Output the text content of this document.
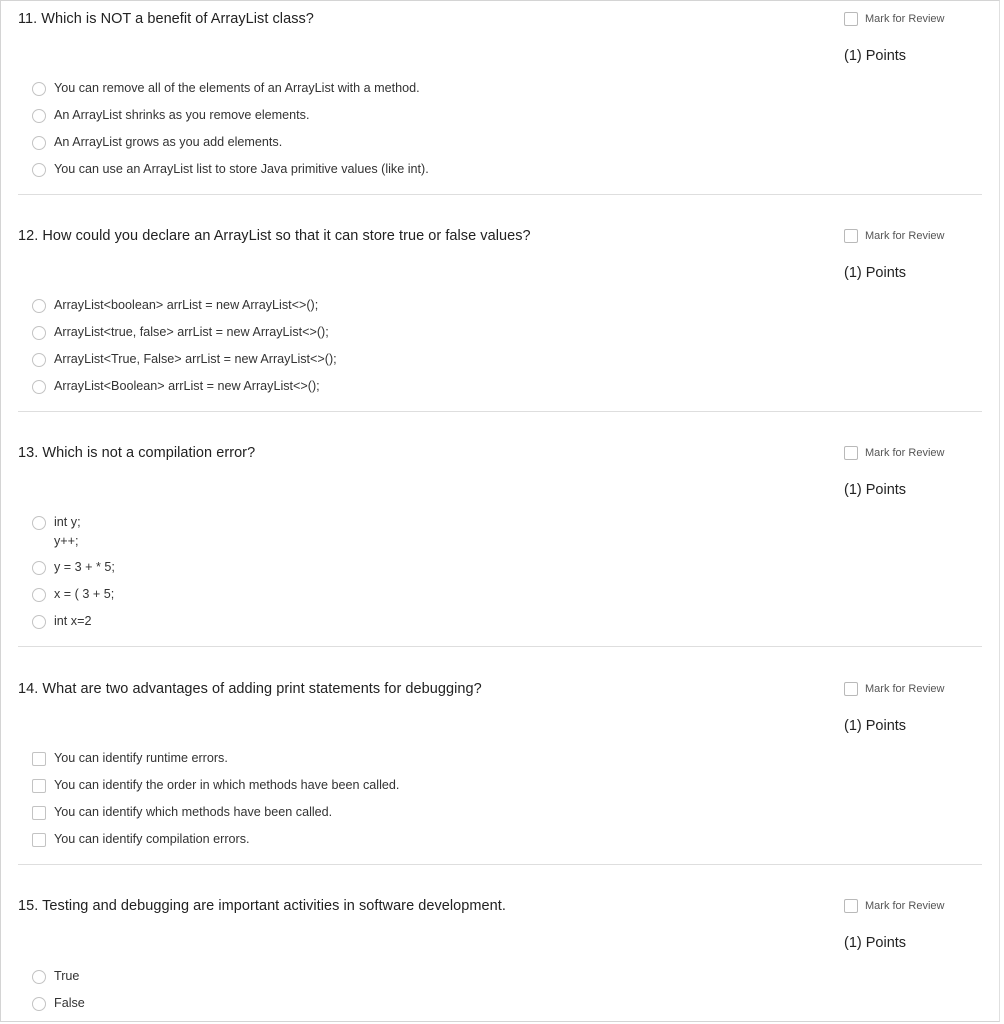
11. Which is NOT a benefit of ArrayList class?	Mark for Review
(1) Points
You can remove all of the elements of an ArrayList with a method.
An ArrayList shrinks as you remove elements.
An ArrayList grows as you add elements.
You can use an ArrayList list to store Java primitive values (like int).
12. How could you declare an ArrayList so that it can store true or false values?	Mark for Review
(1) Points
ArrayList<boolean> arrList = new ArrayList<>();
ArrayList<true, false> arrList = new ArrayList<>();
ArrayList<True, False> arrList = new ArrayList<>();
ArrayList<Boolean> arrList = new ArrayList<>();
13. Which is not a compilation error?	Mark for Review
(1) Points
int y;
y++;
y = 3 + * 5;
x = ( 3 + 5;
int x=2
14. What are two advantages of adding print statements for debugging?	Mark for Review
(1) Points
You can identify runtime errors.
You can identify the order in which methods have been called.
You can identify which methods have been called.
You can identify compilation errors.
15. Testing and debugging are important activities in software development.	Mark for Review
(1) Points
True
False
